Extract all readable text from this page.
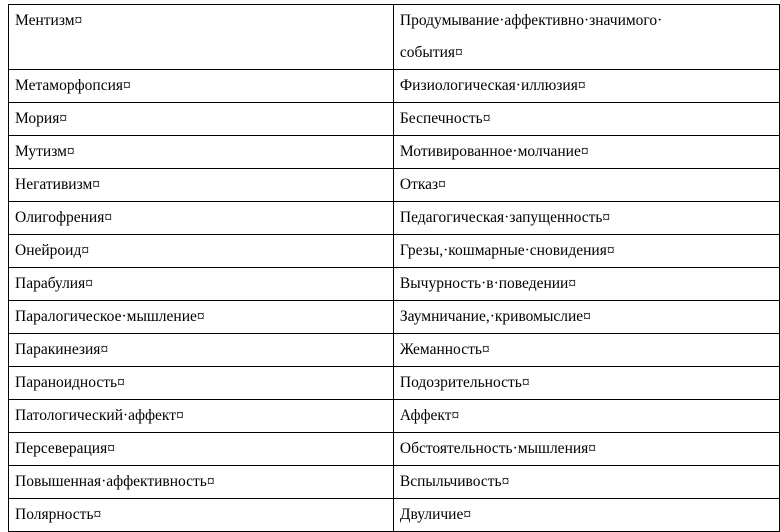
Ментизм¤	Продумывание·аффективно·значимого·
события¤
Метаморфопсия¤	Физиологическая·иллюзия¤
Мория¤	Беспечность¤
Мутизм¤	Мотивированное·молчание¤
Негативизм¤	Отказ¤
Олигофрения¤	Педагогическая·запущенность¤
Онейроид¤	Грезы,·кошмарные·сновидения¤
Парабулия¤	Вычурность·в·поведении¤
Паралогическое·мышление¤	Заумничание,·кривомыслие¤
Паракинезия¤	Жеманность¤
Параноидность¤	Подозрительность¤
Патологический·аффект¤	Аффект¤
Персеверация¤	Обстоятельность·мышления¤
Повышенная·аффективность¤	Вспыльчивость¤
Полярность¤	Двуличие¤
